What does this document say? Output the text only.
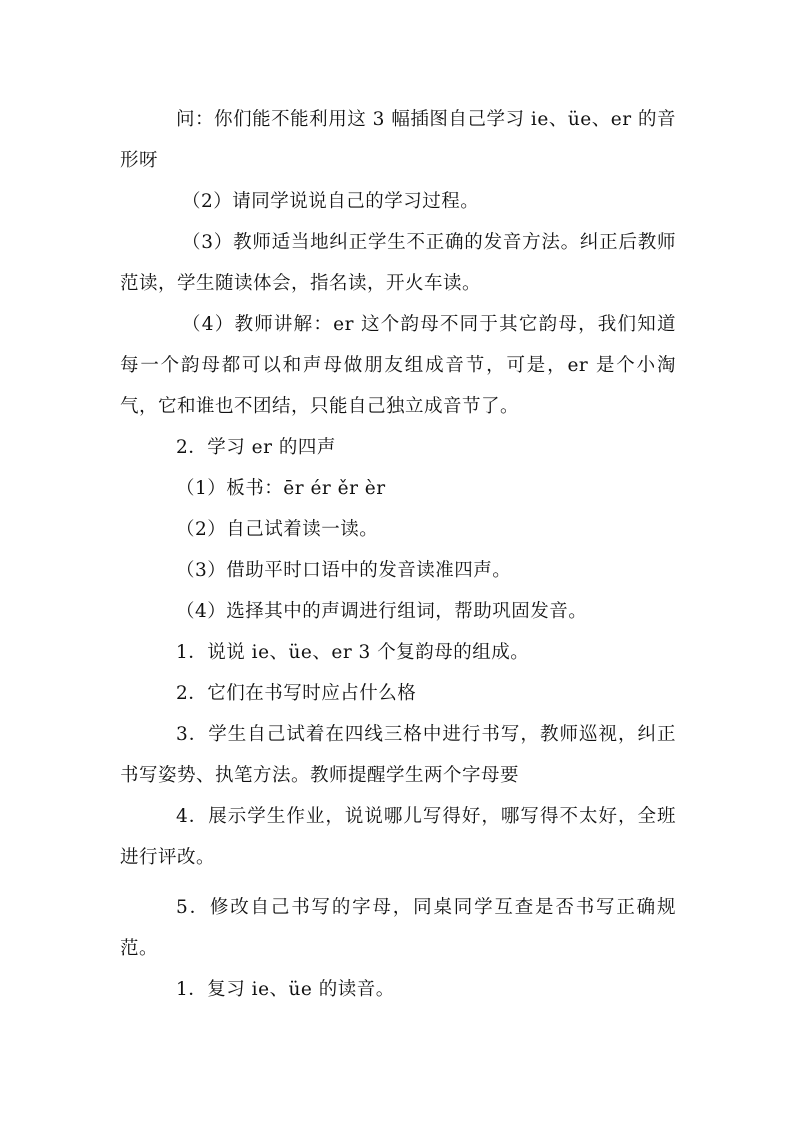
问：你们能不能利用这 3 幅插图自己学习 ie、üe、er 的音形呀

（2）请同学说说自己的学习过程。

（3）教师适当地纠正学生不正确的发音方法。纠正后教师范读，学生随读体会，指名读，开火车读。

（4）教师讲解：er 这个韵母不同于其它韵母，我们知道每一个韵母都可以和声母做朋友组成音节，可是，er 是个小淘气，它和谁也不团结，只能自己独立成音节了。

2．学习 er 的四声

（1）板书：ēr ér ěr èr

（2）自己试着读一读。

（3）借助平时口语中的发音读准四声。

（4）选择其中的声调进行组词，帮助巩固发音。

1．说说 ie、üe、er 3 个复韵母的组成。

2．它们在书写时应占什么格

3．学生自己试着在四线三格中进行书写，教师巡视，纠正书写姿势、执笔方法。教师提醒学生两个字母要

4．展示学生作业，说说哪儿写得好，哪写得不太好，全班进行评改。

5．修改自己书写的字母，同桌同学互查是否书写正确规范。

1．复习 ie、üe 的读音。
